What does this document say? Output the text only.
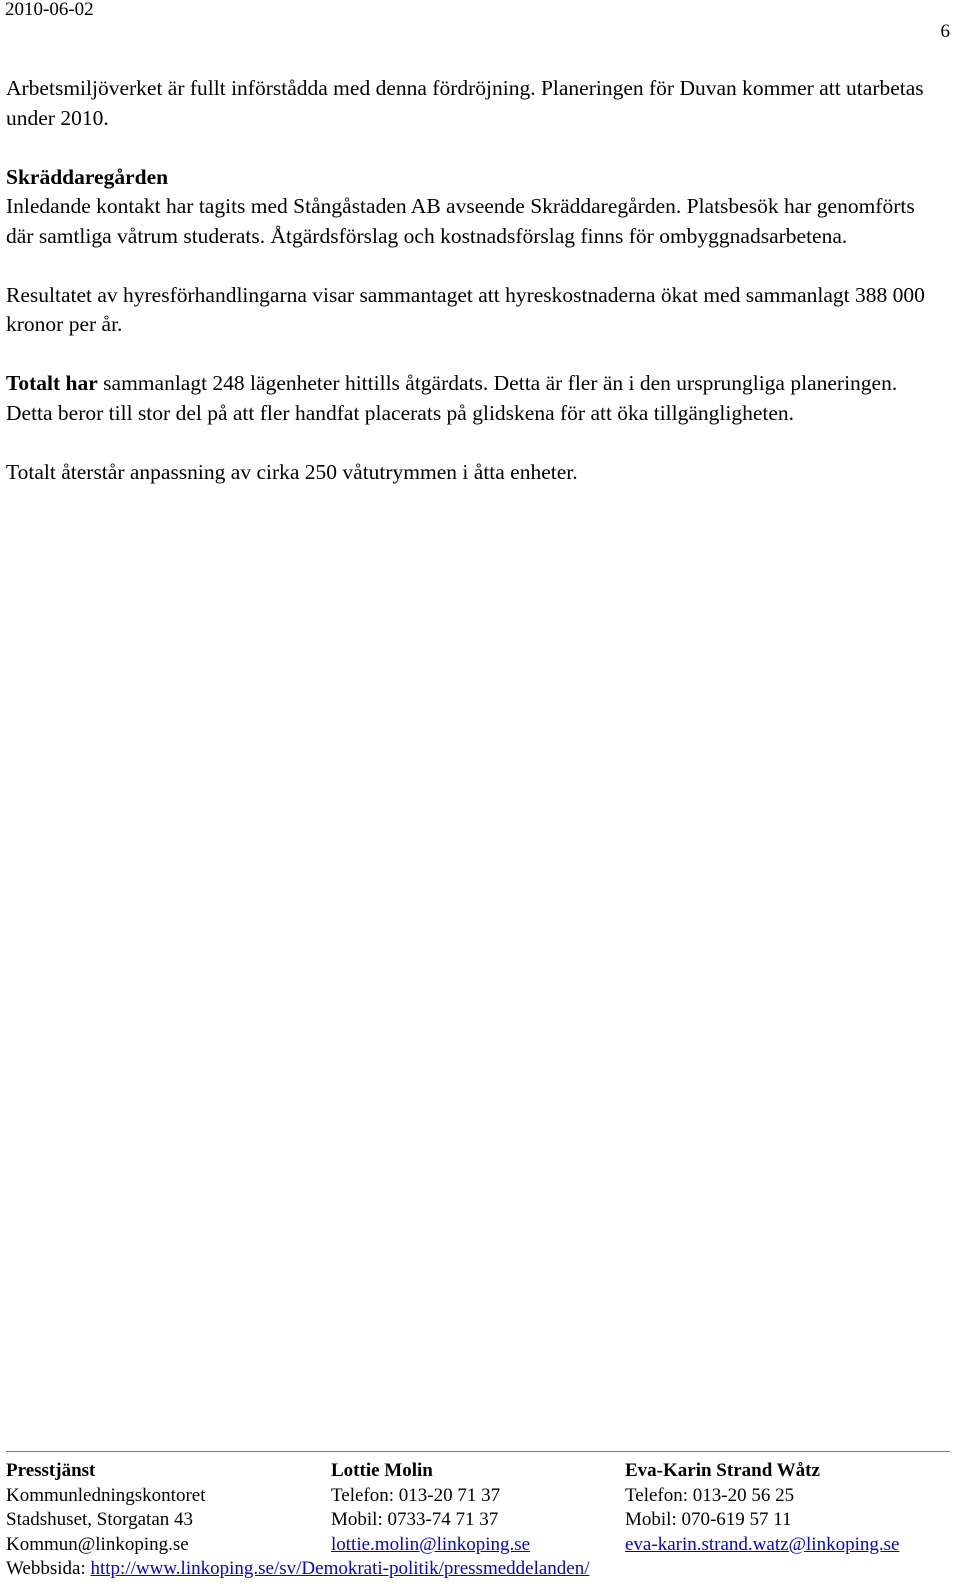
2010-06-02
6

Arbetsmiljöverket är fullt införstådda med denna fördröjning. Planeringen för Duvan kommer att utarbetas under 2010.

Skräddaregården
Inledande kontakt har tagits med Stångåstaden AB avseende Skräddaregården. Platsbesök har genomförts där samtliga våtrum studerats. Åtgärdsförslag och kostnadsförslag finns för ombyggnadsarbetena.

Resultatet av hyresförhandlingarna visar sammantaget att hyreskostnaderna ökat med sammanlagt 388 000 kronor per år.

Totalt har sammanlagt 248 lägenheter hittills åtgärdats. Detta är fler än i den ursprungliga planeringen. Detta beror till stor del på att fler handfat placerats på glidskena för att öka tillgängligheten.

Totalt återstår anpassning av cirka 250 våtutrymmen i åtta enheter.

Presstjänst
Kommunledningskontoret
Stadshuset, Storgatan 43
Kommun@linkoping.se
Lottie Molin
Telefon: 013-20 71 37
Mobil: 0733-74 71 37
lottie.molin@linkoping.se
Eva-Karin Strand Wåtz
Telefon: 013-20 56 25
Mobil: 070-619 57 11
eva-karin.strand.watz@linkoping.se
Webbsida: http://www.linkoping.se/sv/Demokrati-politik/pressmeddelanden/
